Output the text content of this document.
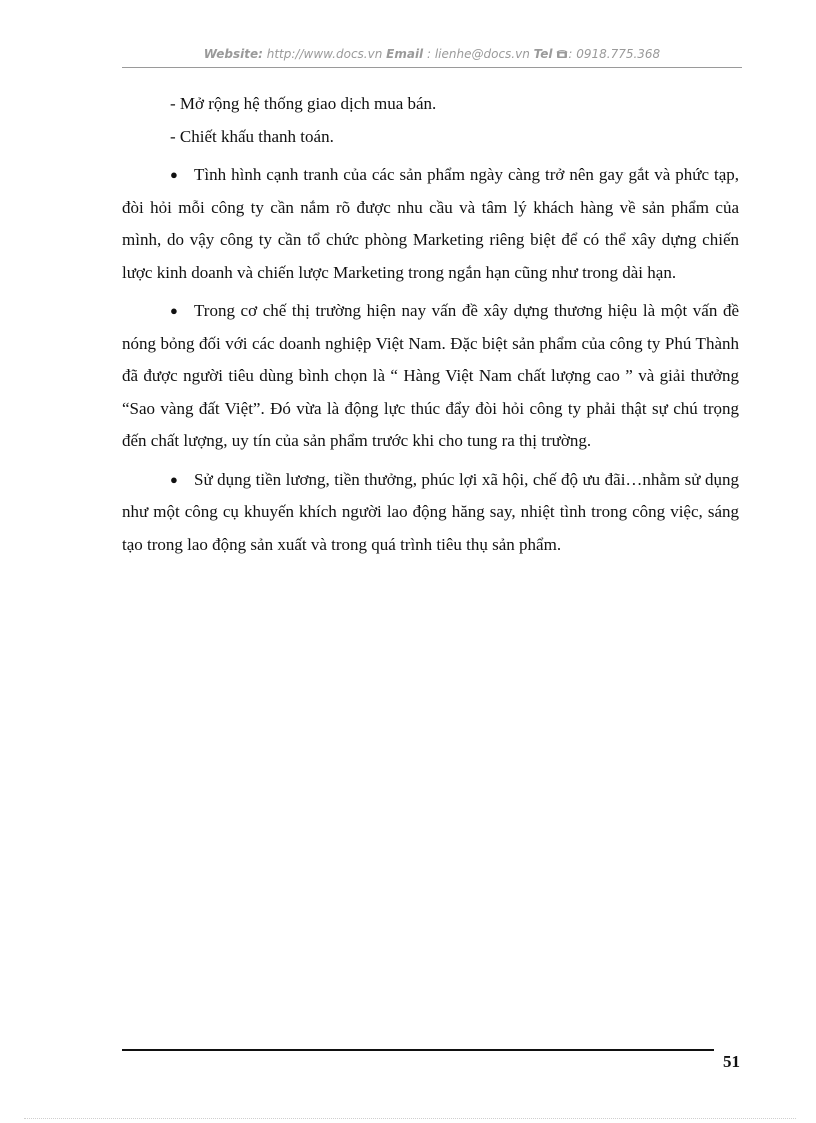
Website: http://www.docs.vn Email : lienhe@docs.vn Tel : 0918.775.368

- Mở rộng hệ thống giao dịch mua bán.

- Chiết khấu thanh toán.

● Tình hình cạnh tranh của các sản phẩm ngày càng trở nên gay gắt và phức tạp, đòi hỏi mỗi công ty cần nắm rõ được nhu cầu và tâm lý khách hàng về sản phẩm của mình, do vậy công ty cần tổ chức phòng Marketing riêng biệt để có thể xây dựng chiến lược kinh doanh và chiến lược Marketing trong ngắn hạn cũng như trong dài hạn.

● Trong cơ chế thị trường hiện nay vấn đề xây dựng thương hiệu là một vấn đề nóng bỏng đối với các doanh nghiệp Việt Nam. Đặc biệt sản phẩm của công ty Phú Thành đã được người tiêu dùng bình chọn là “ Hàng Việt Nam chất lượng cao ” và giải thưởng “Sao vàng đất Việt”. Đó vừa là động lực thúc đẩy đòi hỏi công ty phải thật sự chú trọng đến chất lượng, uy tín của sản phẩm trước khi cho tung ra thị trường.

● Sử dụng tiền lương, tiền thưởng, phúc lợi xã hội, chế độ ưu đãi…nhằm sử dụng như một công cụ khuyến khích người lao động hăng say, nhiệt tình trong công việc, sáng tạo trong lao động sản xuất và trong quá trình tiêu thụ sản phẩm.

51
